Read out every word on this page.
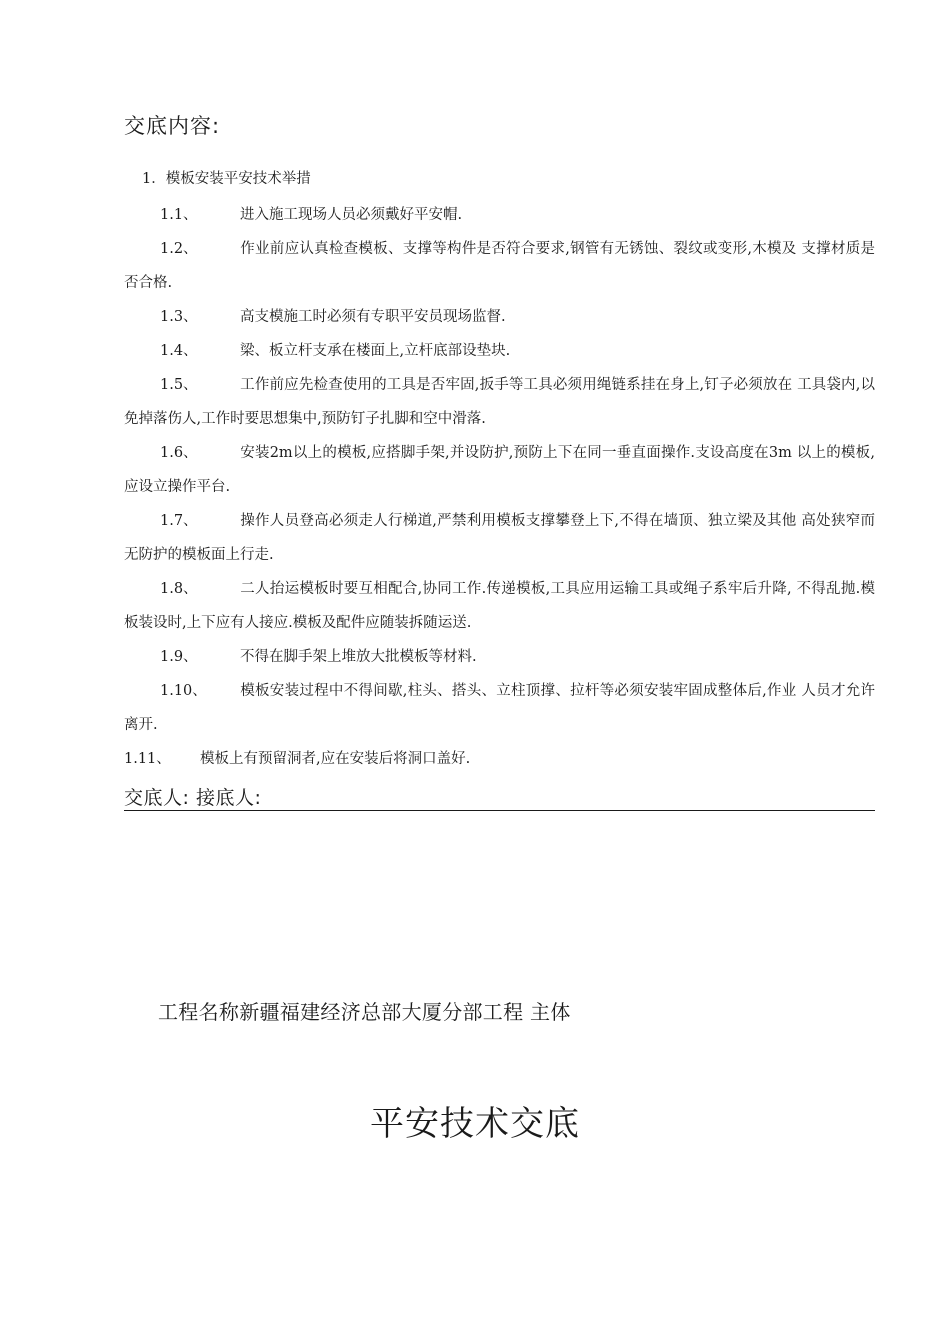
交底内容:
1．模板安装平安技术举措
1.1、	进入施工现场人员必须戴好平安帽.
1.2、	作业前应认真检查模板、支撑等构件是否符合要求,钢管有无锈蚀、裂纹或变形,木模及 支撑材质是否合格.
1.3、	高支模施工时必须有专职平安员现场监督.
1.4、	梁、板立杆支承在楼面上,立杆底部设垫块.
1.5、	工作前应先检查使用的工具是否牢固,扳手等工具必须用绳链系挂在身上,钉子必须放在 工具袋内,以免掉落伤人,工作时要思想集中,预防钉子扎脚和空中滑落.
1.6、	安装2m以上的模板,应搭脚手架,并设防护,预防上下在同一垂直面操作.支设高度在3m 以上的模板,应设立操作平台.
1.7、	操作人员登高必须走人行梯道,严禁利用模板支撑攀登上下,不得在墙顶、独立梁及其他 高处狭窄而无防护的模板面上行走.
1.8、	二人抬运模板时要互相配合,协同工作.传递模板,工具应用运输工具或绳子系牢后升降, 不得乱抛.模板装设时,上下应有人接应.模板及配件应随装拆随运送.
1.9、	不得在脚手架上堆放大批模板等材料.
1.10、 模板安装过程中不得间歇,柱头、搭头、立柱顶撑、拉杆等必须安装牢固成整体后,作业 人员才允许离开.
1.11、 模板上有预留洞者,应在安装后将洞口盖好.
交底人: 接底人:
工程名称新疆福建经济总部大厦分部工程 主体
平安技术交底
